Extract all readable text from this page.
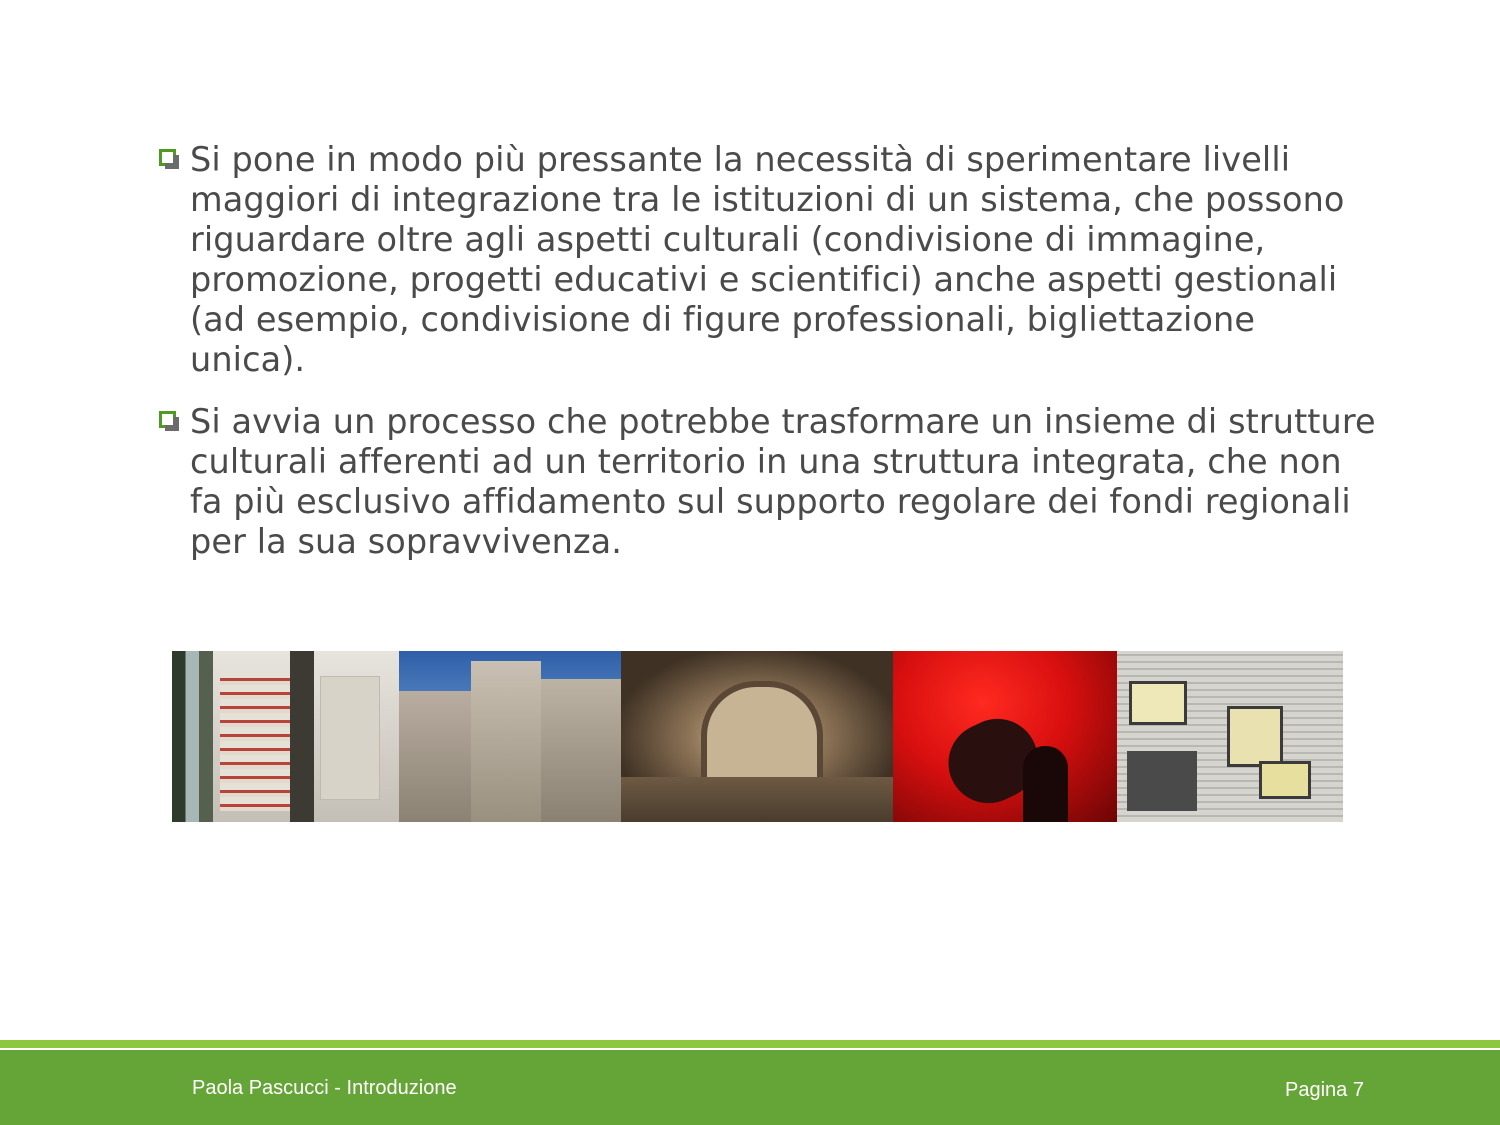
Si pone in modo più pressante la necessità di sperimentare livelli maggiori di integrazione tra le istituzioni di un sistema, che possono riguardare oltre agli aspetti culturali (condivisione di immagine, promozione, progetti educativi e scientifici) anche aspetti gestionali (ad esempio, condivisione di figure professionali, bigliettazione unica).
Si avvia un processo che potrebbe trasformare un insieme di strutture culturali afferenti ad un territorio in una struttura integrata, che non fa più esclusivo affidamento sul supporto regolare dei fondi regionali per la sua sopravvivenza.
Paola Pascucci - Introduzione	Pagina 7
